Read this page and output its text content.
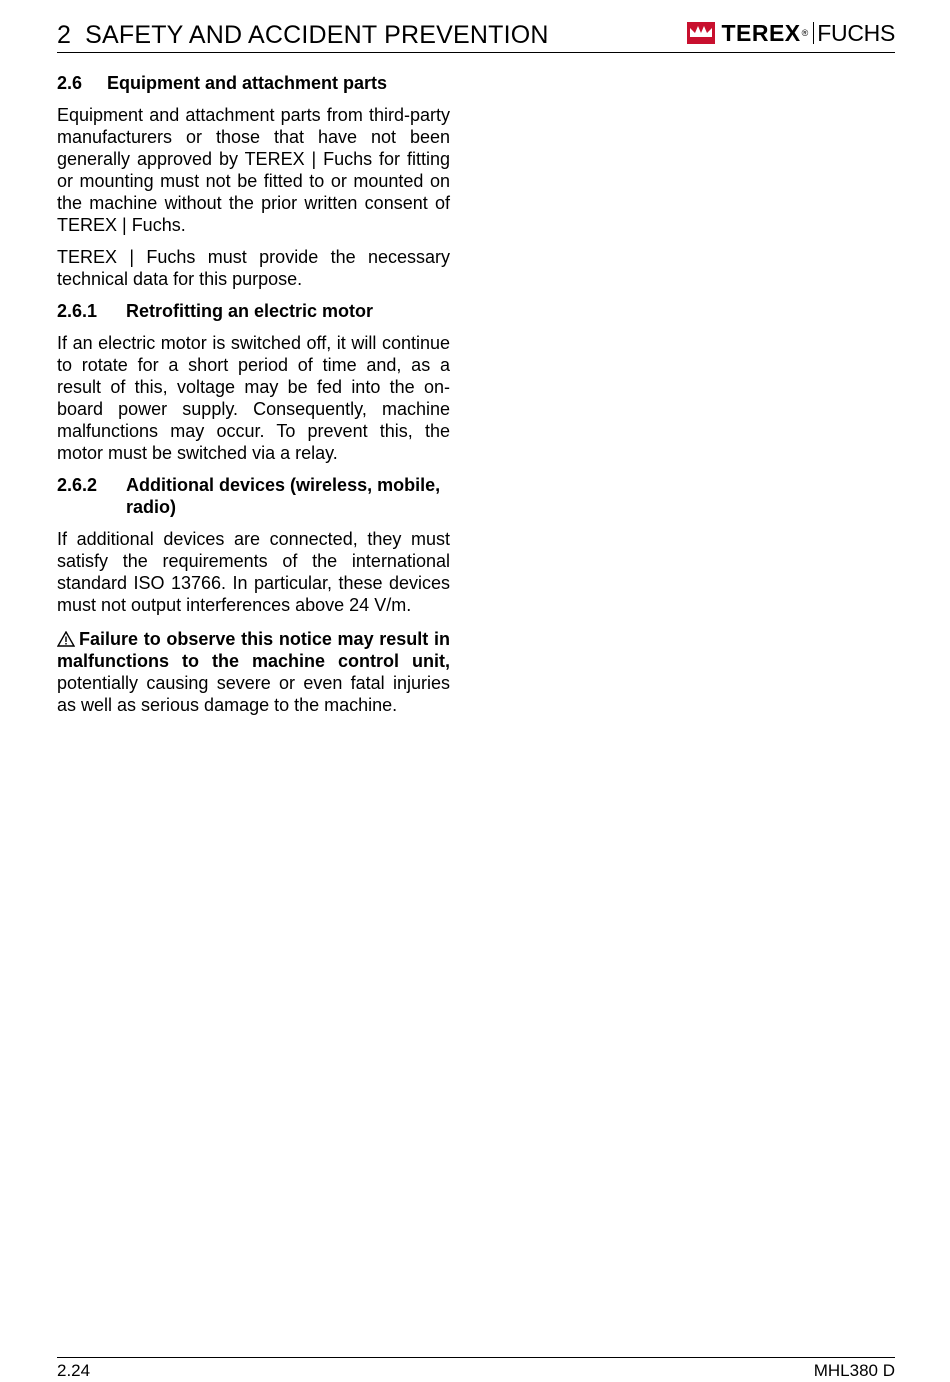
2 SAFETY AND ACCIDENT PREVENTION	TEREX ® FUCHS
2.6	Equipment and attachment parts

Equipment and attachment parts from third-party manufacturers or those that have not been generally approved by TEREX | Fuchs for fitting or mounting must not be fitted to or mounted on the machine without the prior written consent of TEREX | Fuchs.

TEREX | Fuchs must provide the necessary technical data for this purpose.

2.6.1	Retrofitting an electric motor

If an electric motor is switched off, it will continue to rotate for a short period of time and, as a result of this, voltage may be fed into the on-board power supply. Consequently, machine malfunctions may occur. To prevent this, the motor must be switched via a relay.

2.6.2	Additional devices (wireless, mobile, radio)

If additional devices are connected, they must satisfy the requirements of the international standard ISO 13766. In particular, these devices must not output interferences above 24 V/m.

Failure to observe this notice may result in malfunctions to the machine control unit, potentially causing severe or even fatal injuries as well as serious damage to the machine.

2.24	MHL380 D
